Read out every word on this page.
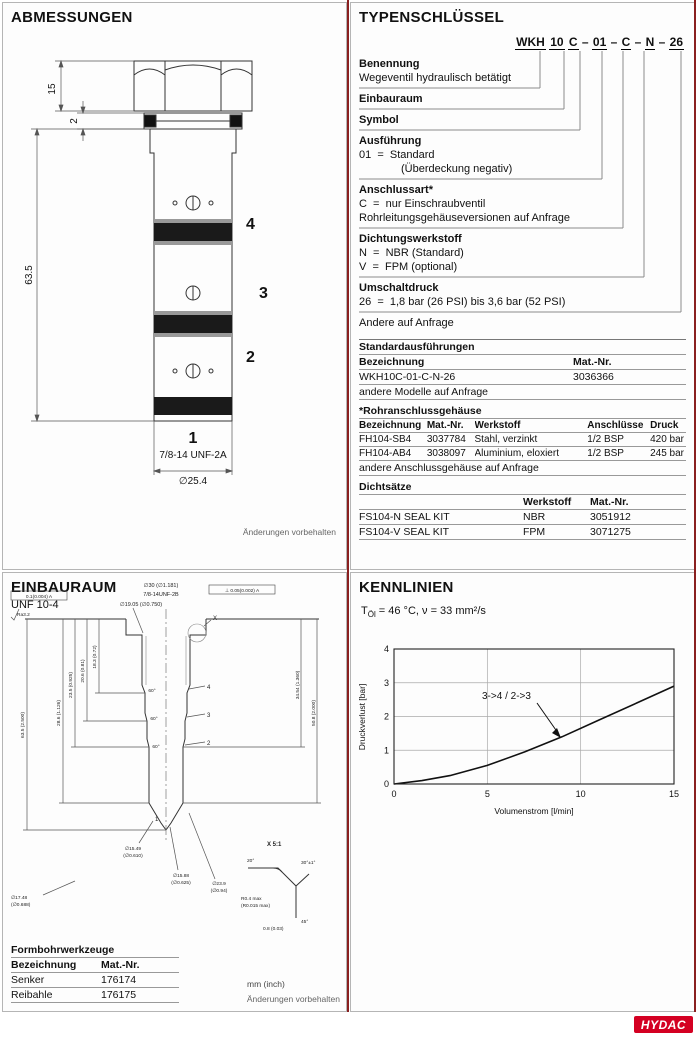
ABMESSUNGEN
15
2
63.5
4
3
2
1
7/8-14 UNF-2A
∅25.4
Änderungen vorbehalten
TYPENSCHLÜSSEL
WKH 10 C – 01 – C – N – 26
Benennung
Wegeventil hydraulisch betätigt
Einbauraum
Symbol
Ausführung
01  =  Standard
(Überdeckung negativ)
Anschlussart*
C  =  nur Einschraubventil
Rohrleitungsgehäuseversionen auf Anfrage
Dichtungswerkstoff
N  =  NBR (Standard)
V  =  FPM (optional)
Umschaltdruck
26  =  1,8 bar (26 PSI) bis 3,6 bar (52 PSI)
Andere auf Anfrage
Standardausführungen
Bezeichnung	Mat.-Nr.
WKH10C-01-C-N-26	3036366
andere Modelle auf Anfrage
*Rohranschlussgehäuse
Bezeichnung	Mat.-Nr.	Werkstoff	Anschlüsse	Druck
FH104-SB4	3037784	Stahl, verzinkt	1/2 BSP	420 bar
FH104-AB4	3038097	Aluminium, eloxiert	1/2 BSP	245 bar
andere Anschlussgehäuse auf Anfrage
Dichtsätze
	Werkstoff	Mat.-Nr.
FS104-N SEAL KIT	NBR	3051912
FS104-V SEAL KIT	FPM	3071275
EINBAURAUM
UNF 10-4
18.3 (0.72)
20.6 (0.81)
23.5 (0.925)
28.6 (1.126)
63.5 (2.500)
34.54 (1.360)
50.8 (2.000)
∅30 (∅1.181)
7/8-14UNF-2B
∅19.05 (∅0.750)
0.1(0.004) A
⊥ 0.05(0.002) A
Ra3.2
60°
60°
60°
4
3
2
1
X
∅15.49
(∅0.610)
∅15.88
(∅0.625)	∅23.9
(∅0.94)
∅17.48
(∅0.688)
X 5:1
30°±1°
20°
R0.4 max
(R0.015 max)
45°
0.8 (0.03)
Formbohrwerkzeuge
Bezeichnung	Mat.-Nr.
Senker	176174
Reibahle	176175
mm (inch)
Änderungen vorbehalten
KENNLINIEN
$T_{Öl} = 46$ °C, ν = 33 mm²/s
0	5	10	15
0
1
2
3
4
Druckverlust [bar]
Volumenstrom [l/min]
3->4 / 2->3
HYDAC
